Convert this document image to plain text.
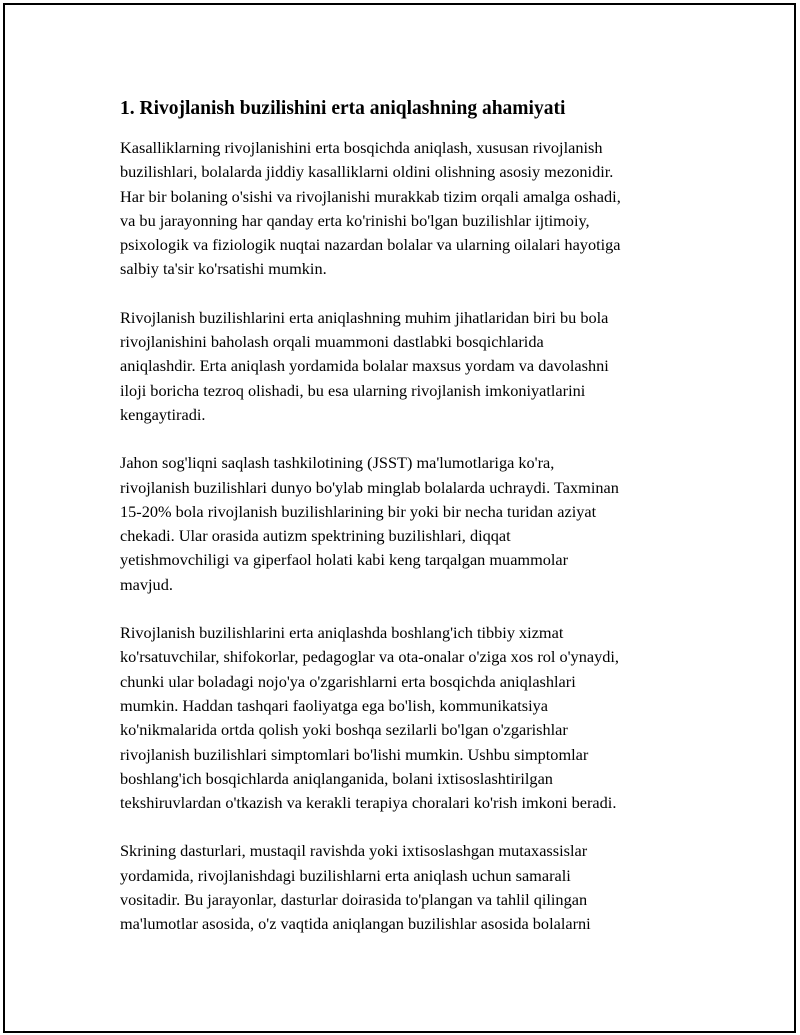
1. Rivojlanish buzilishini erta aniqlashning ahamiyati

Kasalliklarning rivojlanishini erta bosqichda aniqlash, xususan rivojlanish
buzilishlari, bolalarda jiddiy kasalliklarni oldini olishning asosiy mezonidir.
Har bir bolaning o'sishi va rivojlanishi murakkab tizim orqali amalga oshadi,
va bu jarayonning har qanday erta ko'rinishi bo'lgan buzilishlar ijtimoiy,
psixologik va fiziologik nuqtai nazardan bolalar va ularning oilalari hayotiga
salbiy ta'sir ko'rsatishi mumkin.

Rivojlanish buzilishlarini erta aniqlashning muhim jihatlaridan biri bu bola
rivojlanishini baholash orqali muammoni dastlabki bosqichlarida
aniqlashdir. Erta aniqlash yordamida bolalar maxsus yordam va davolashni
iloji boricha tezroq olishadi, bu esa ularning rivojlanish imkoniyatlarini
kengaytiradi.

Jahon sog'liqni saqlash tashkilotining (JSST) ma'lumotlariga ko'ra,
rivojlanish buzilishlari dunyo bo'ylab minglab bolalarda uchraydi. Taxminan
15-20% bola rivojlanish buzilishlarining bir yoki bir necha turidan aziyat
chekadi. Ular orasida autizm spektrining buzilishlari, diqqat
yetishmovchiligi va giperfaol holati kabi keng tarqalgan muammolar
mavjud.

Rivojlanish buzilishlarini erta aniqlashda boshlang'ich tibbiy xizmat
ko'rsatuvchilar, shifokorlar, pedagoglar va ota-onalar o'ziga xos rol o'ynaydi,
chunki ular boladagi nojo'ya o'zgarishlarni erta bosqichda aniqlashlari
mumkin. Haddan tashqari faoliyatga ega bo'lish, kommunikatsiya
ko'nikmalarida ortda qolish yoki boshqa sezilarli bo'lgan o'zgarishlar
rivojlanish buzilishlari simptomlari bo'lishi mumkin. Ushbu simptomlar
boshlang'ich bosqichlarda aniqlanganida, bolani ixtisoslashtirilgan
tekshiruvlardan o'tkazish va kerakli terapiya choralari ko'rish imkoni beradi.

Skrining dasturlari, mustaqil ravishda yoki ixtisoslashgan mutaxassislar
yordamida, rivojlanishdagi buzilishlarni erta aniqlash uchun samarali
vositadir. Bu jarayonlar, dasturlar doirasida to'plangan va tahlil qilingan
ma'lumotlar asosida, o'z vaqtida aniqlangan buzilishlar asosida bolalarni
